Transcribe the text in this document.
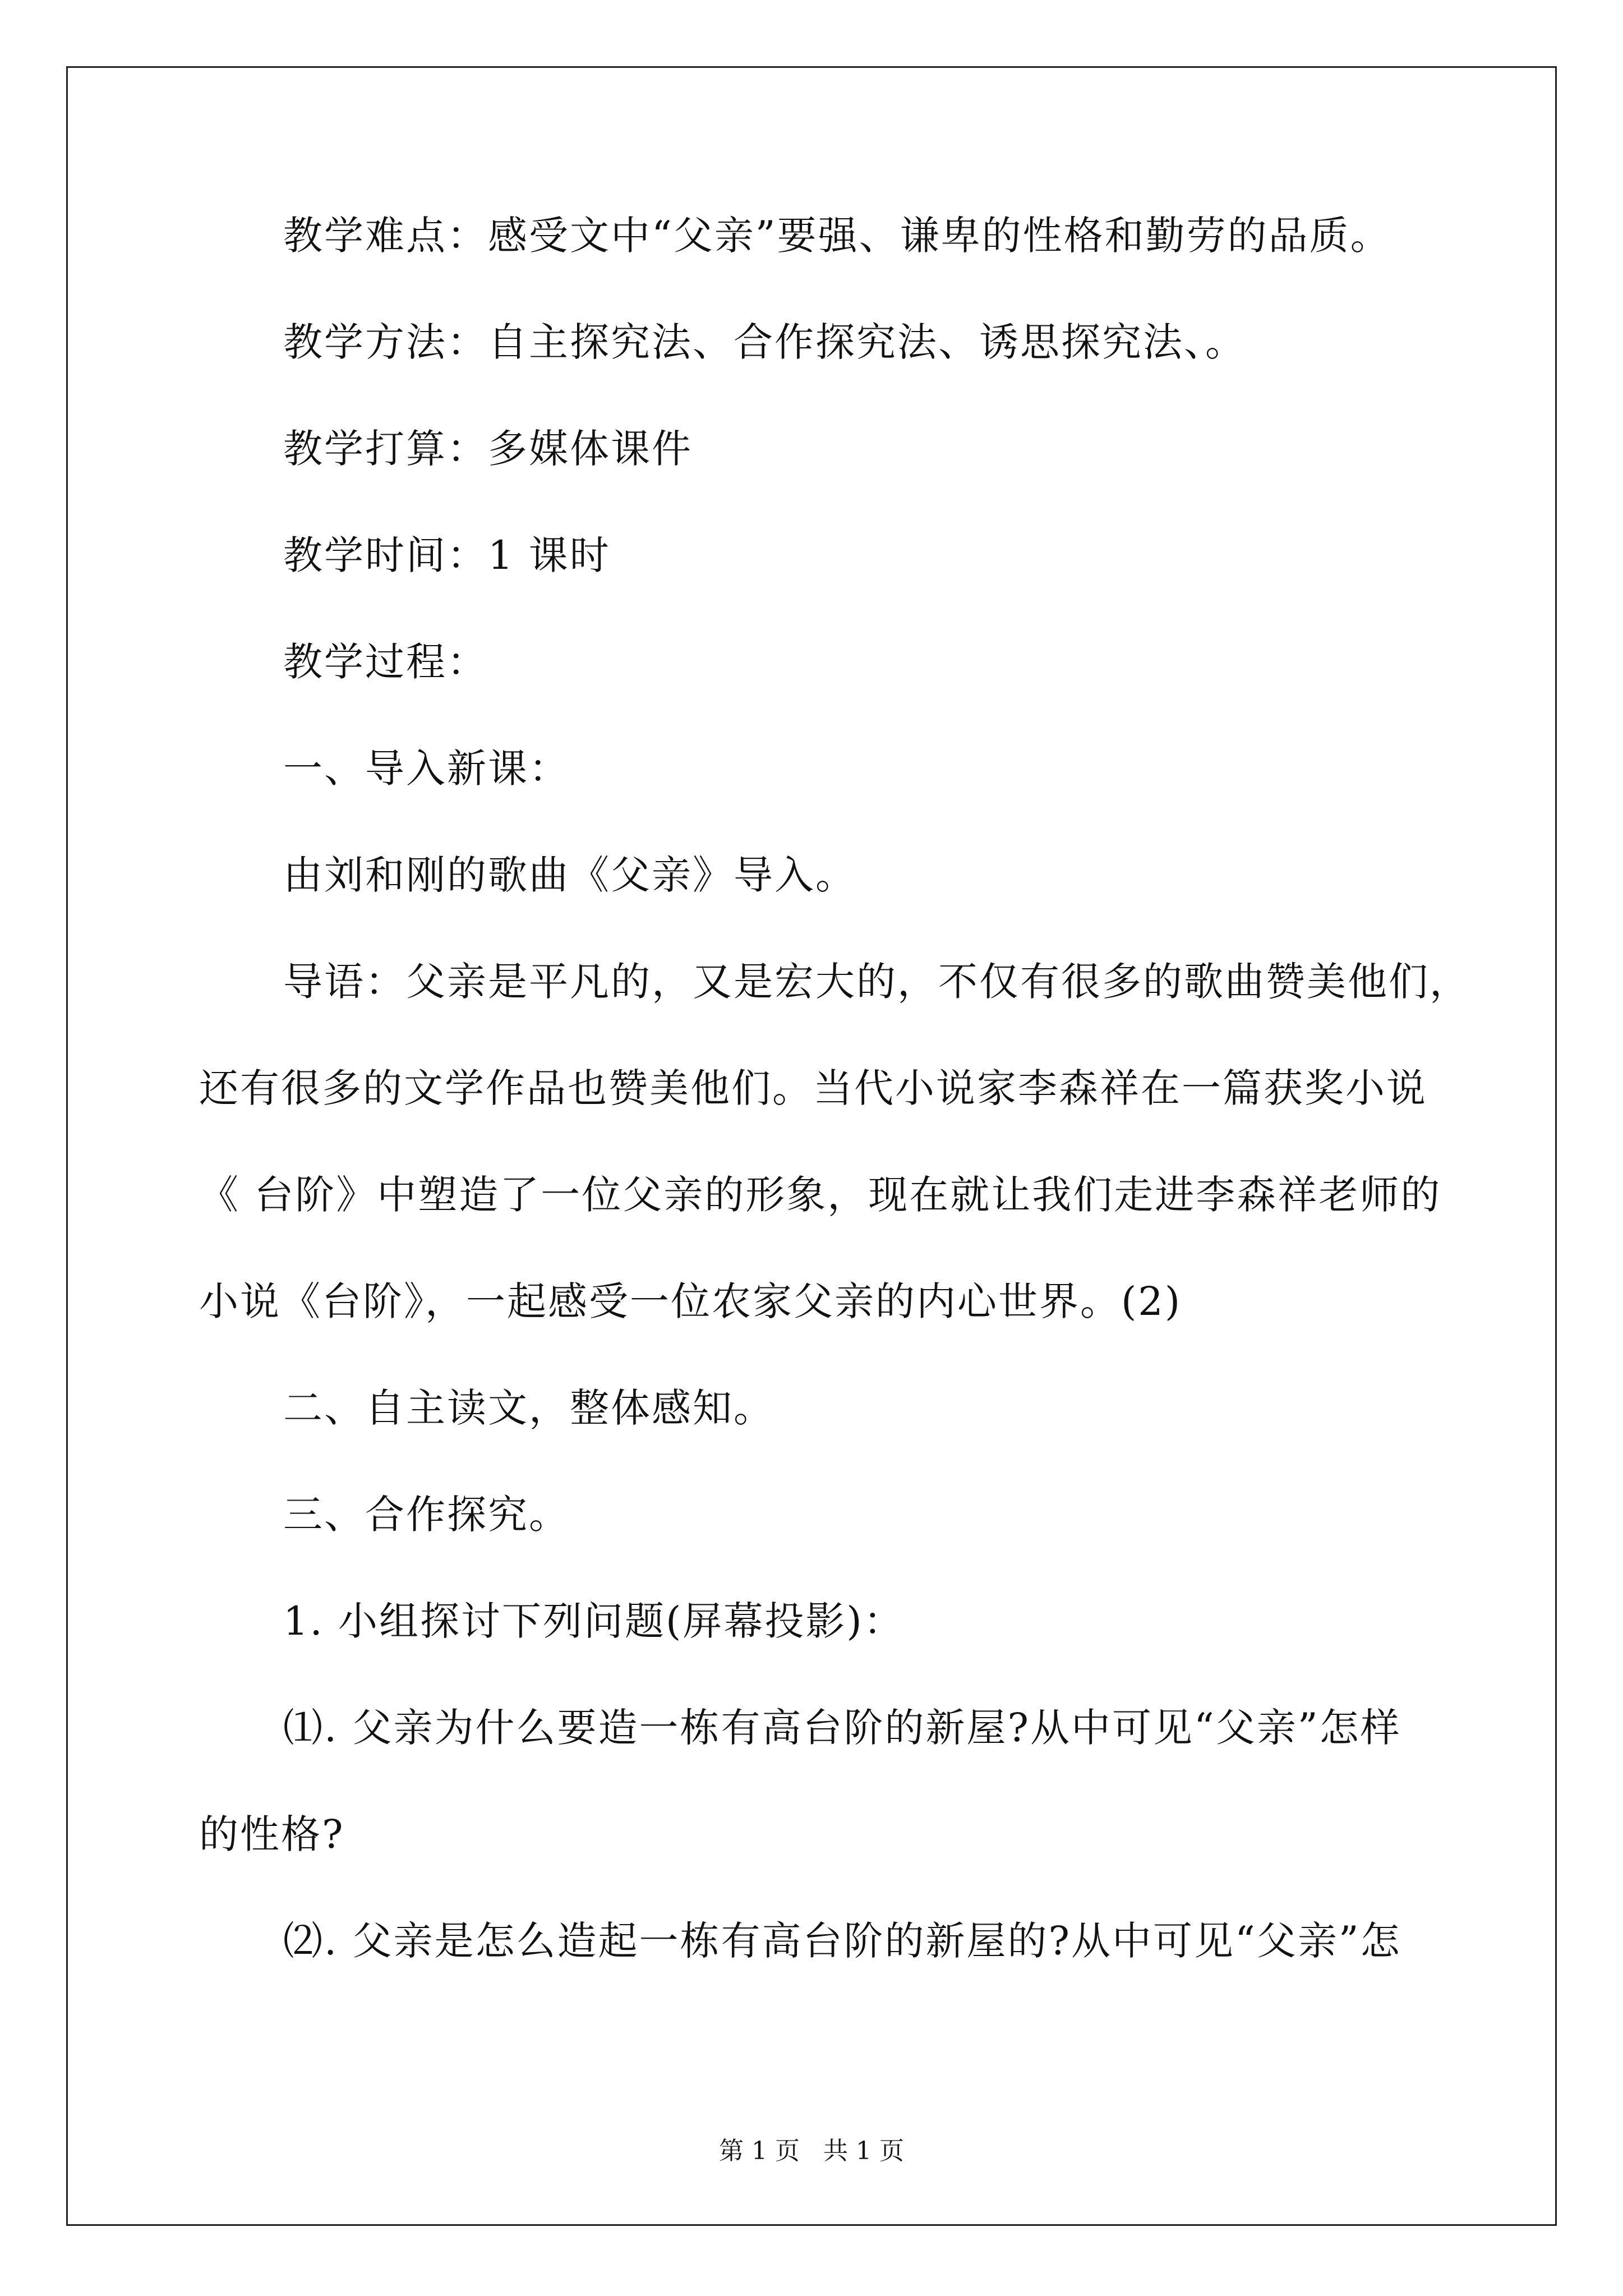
教学难点：感受文中“父亲”要强、谦卑的性格和勤劳的品质。
教学方法：自主探究法、合作探究法、诱思探究法、。
教学打算：多媒体课件
教学时间：1 课时
教学过程：
一、导入新课：
由刘和刚的歌曲《父亲》导入。
导语：父亲是平凡的，又是宏大的，不仅有很多的歌曲赞美他们，
还有很多的文学作品也赞美他们。当代小说家李森祥在一篇获奖小说
《 台阶》中塑造了一位父亲的形象，现在就让我们走进李森祥老师的
小说《台阶》，一起感受一位农家父亲的内心世界。(2)
二、自主读文，整体感知。
三、合作探究。
1. 小组探讨下列问题(屏幕投影)：
⑴. 父亲为什么要造一栋有高台阶的新屋?从中可见“父亲”怎样
的性格?
⑵. 父亲是怎么造起一栋有高台阶的新屋的?从中可见“父亲”怎
第 1 页 共 1 页
